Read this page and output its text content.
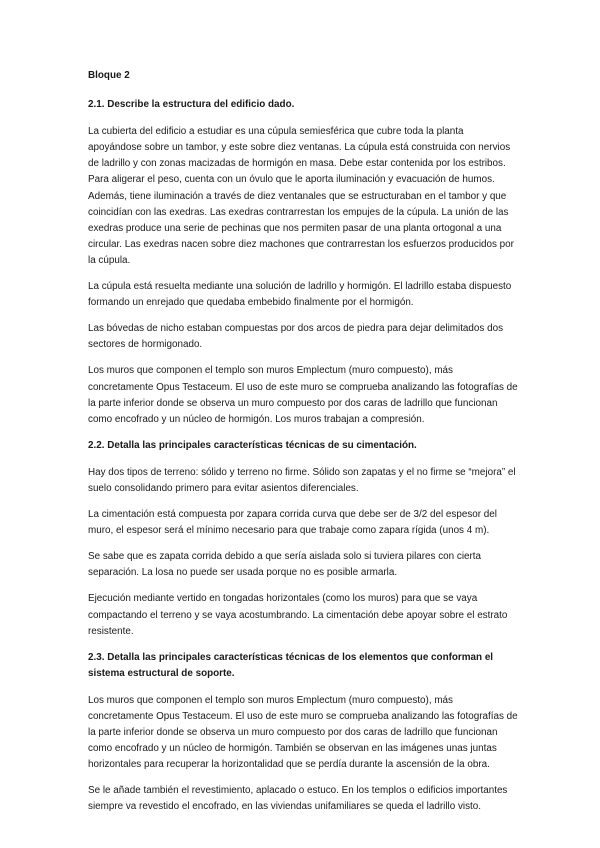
Bloque 2

2.1. Describe la estructura del edificio dado.

La cubierta del edificio a estudiar es una cúpula semiesférica que cubre toda la planta apoyándose sobre un tambor, y este sobre diez ventanas. La cúpula está construida con nervios de ladrillo y con zonas macizadas de hormigón en masa. Debe estar contenida por los estribos. Para aligerar el peso, cuenta con un óvulo que le aporta iluminación y evacuación de humos. Además, tiene iluminación a través de diez ventanales que se estructuraban en el tambor y que coincidían con las exedras. Las exedras contrarrestan los empujes de la cúpula. La unión de las exedras produce una serie de pechinas que nos permiten pasar de una planta ortogonal a una circular. Las exedras nacen sobre diez machones que contrarrestan los esfuerzos producidos por la cúpula.

La cúpula está resuelta mediante una solución de ladrillo y hormigón. El ladrillo estaba dispuesto formando un enrejado que quedaba embebido finalmente por el hormigón.

Las bóvedas de nicho estaban compuestas por dos arcos de piedra para dejar delimitados dos sectores de hormigonado.

Los muros que componen el templo son muros Emplectum (muro compuesto), más concretamente Opus Testaceum. El uso de este muro se comprueba analizando las fotografías de la parte inferior donde se observa un muro compuesto por dos caras de ladrillo que funcionan como encofrado y un núcleo de hormigón. Los muros trabajan a compresión.

2.2. Detalla las principales características técnicas de su cimentación.

Hay dos tipos de terreno: sólido y terreno no firme. Sólido son zapatas y el no firme se “mejora” el suelo consolidando primero para evitar asientos diferenciales.

La cimentación está compuesta por zapara corrida curva que debe ser de 3/2 del espesor del muro, el espesor será el mínimo necesario para que trabaje como zapara rígida (unos 4 m).

Se sabe que es zapata corrida debido a que sería aislada solo si tuviera pilares con cierta separación. La losa no puede ser usada porque no es posible armarla.

Ejecución mediante vertido en tongadas horizontales (como los muros) para que se vaya compactando el terreno y se vaya acostumbrando. La cimentación debe apoyar sobre el estrato resistente.

2.3. Detalla las principales características técnicas de los elementos que conforman el sistema estructural de soporte.

Los muros que componen el templo son muros Emplectum (muro compuesto), más concretamente Opus Testaceum. El uso de este muro se comprueba analizando las fotografías de la parte inferior donde se observa un muro compuesto por dos caras de ladrillo que funcionan como encofrado y un núcleo de hormigón. También se observan en las imágenes unas juntas horizontales para recuperar la horizontalidad que se perdía durante la ascensión de la obra.

Se le añade también el revestimiento, aplacado o estuco. En los templos o edificios importantes siempre va revestido el encofrado, en las viviendas unifamiliares se queda el ladrillo visto.
